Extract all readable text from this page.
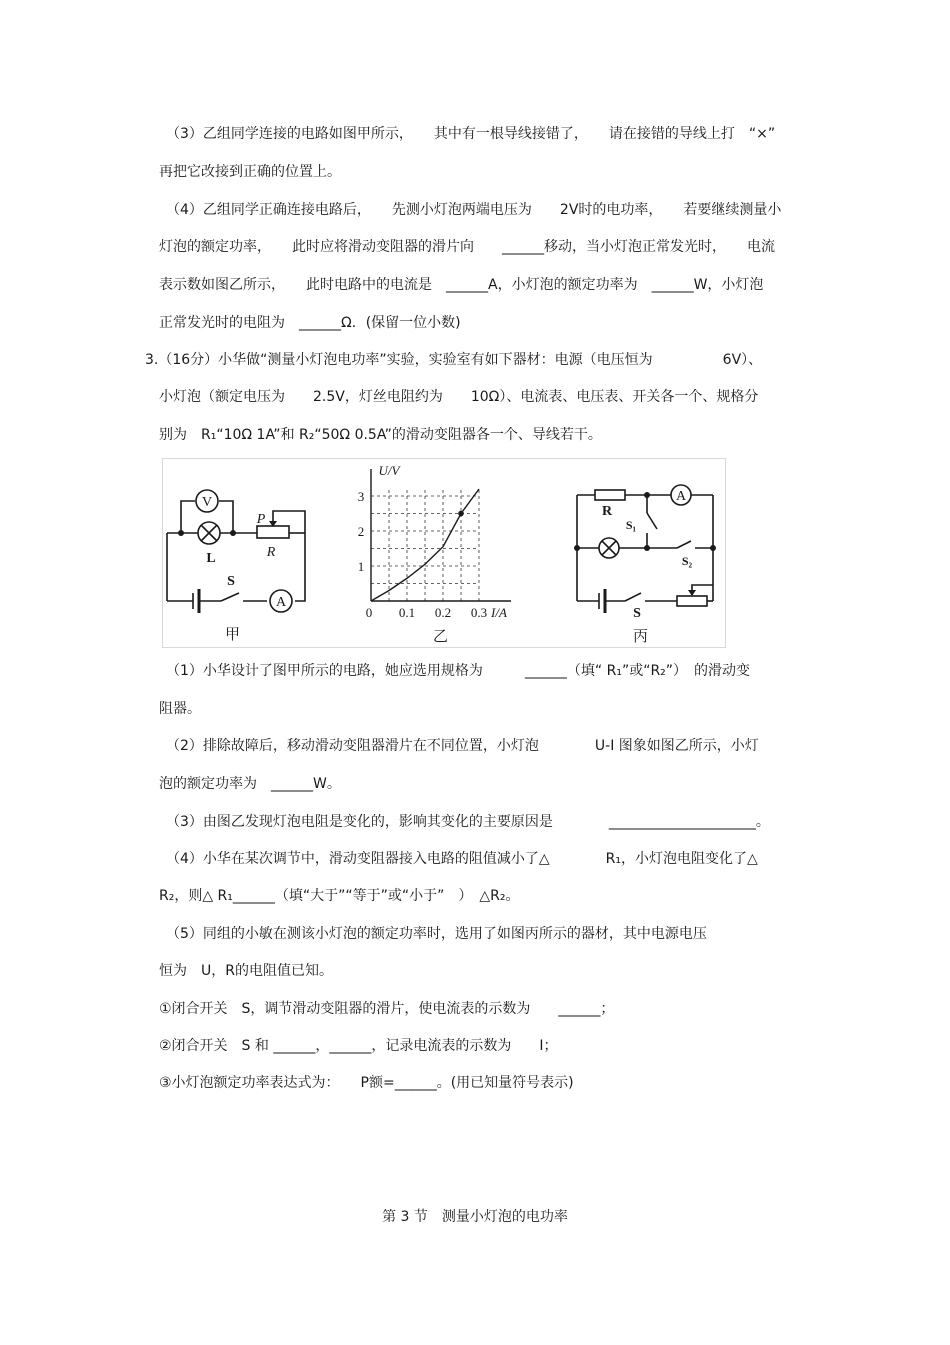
（3）乙组同学连接的电路如图甲所示，　　其中有一根导线接错了，　　请在接错的导线上打　“×”
再把它改接到正确的位置上。
（4）乙组同学正确连接电路后，　　先测小灯泡两端电压为　　2V时的电功率，　　若要继续测量小
灯泡的额定功率，　　此时应将滑动变阻器的滑片向　　______移动，当小灯泡正常发光时，　　电流
表示数如图乙所示，　　此时电路中的电流是　______A，小灯泡的额定功率为　______W，小灯泡
正常发光时的电阻为　______Ω．(保留一位小数)
3.（16分）小华做“测量小灯泡电功率”实验，实验室有如下器材：电源（电压恒为　　　　　6V）、
小灯泡（额定电压为　　2.5V，灯丝电阻约为　　10Ω）、电流表、电压表、开关各一个、规格分
别为　R₁“10Ω 1A”和 R₂“50Ω 0.5A”的滑动变阻器各一个、导线若干。
（1）小华设计了图甲所示的电路，她应选用规格为　　　______（填“ R₁”或“R₂”）　的滑动变
阻器。
（2）排除故障后，移动滑动变阻器滑片在不同位置，小灯泡　　　　U-I 图象如图乙所示，小灯
泡的额定功率为　______W。
（3）由图乙发现灯泡电阻是变化的，影响其变化的主要原因是　　　　_____________________。
（4）小华在某次调节中，滑动变阻器接入电路的阻值减小了△　　　　R₁，小灯泡电阻变化了△
R₂，则△ R₁______（填“大于”“等于”或“小于”　）　△R₂。
（5）同组的小敏在测该小灯泡的额定功率时，选用了如图丙所示的器材，其中电源电压
恒为　U，R的电阻值已知。
①闭合开关　S，调节滑动变阻器的滑片，使电流表的示数为　　______；
②闭合开关　S 和 ______，______，记录电流表的示数为　　I；
③小灯泡额定功率表达式为：　　P额=______。(用已知量符号表示)
V
L
P
R
S
A
甲
0.1 0.2 0.3
1
2
3
0	I/A
U/V
乙
R
S₁
S₂
S
A
丙
第 3 节　测量小灯泡的电功率
